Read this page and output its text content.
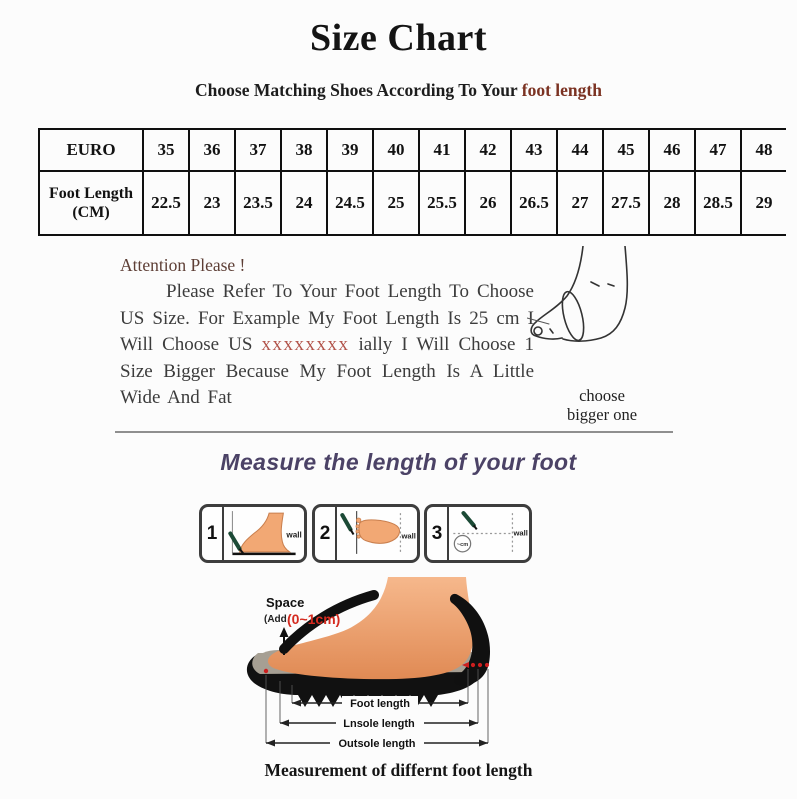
Size Chart
Choose Matching Shoes According To Your foot length
EURO	35	36	37	38	39	40	41	42	43	44	45	46	47	48
Foot Length (CM)	22.5	23	23.5	24	24.5	25	25.5	26	26.5	27	27.5	28	28.5	29
Attention Please !

Please Refer To Your Foot Length To Choose US Size. For Example My Foot Length Is 25 cm I Will Choose US xxxxxxxx ially I Will Choose 1 Size Bigger Because My Foot Length Is A Little Wide And Fat	choose
bigger one
Measure the length of your foot
1	wall 2	wall 3
~cm
wall
Space
(Add (0~1cm)
Foot length
Lnsole length
Outsole length
Measurement of differnt foot length
